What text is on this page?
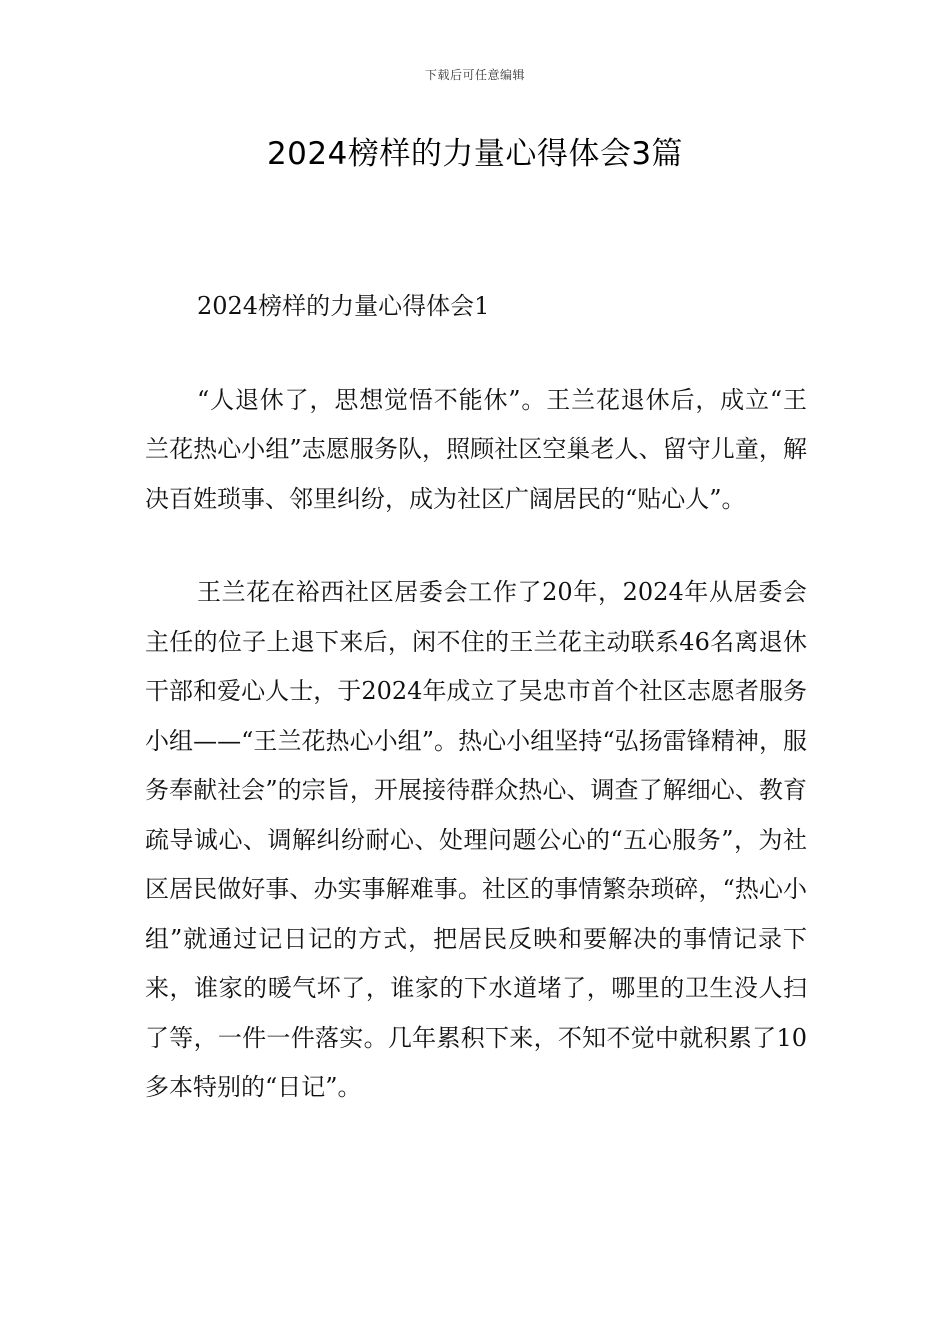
下载后可任意编辑
2024榜样的力量心得体会3篇

2024榜样的力量心得体会1

“人退休了，思想觉悟不能休”。王兰花退休后，成立“王兰花热心小组”志愿服务队，照顾社区空巢老人、留守儿童，解决百姓琐事、邻里纠纷，成为社区广阔居民的“贴心人”。

王兰花在裕西社区居委会工作了20年，2024年从居委会主任的位子上退下来后，闲不住的王兰花主动联系46名离退休干部和爱心人士，于2024年成立了吴忠市首个社区志愿者服务小组——“王兰花热心小组”。热心小组坚持“弘扬雷锋精神，服务奉献社会”的宗旨，开展接待群众热心、调查了解细心、教育疏导诚心、调解纠纷耐心、处理问题公心的“五心服务”，为社区居民做好事、办实事解难事。社区的事情繁杂琐碎，“热心小组”就通过记日记的方式，把居民反映和要解决的事情记录下来，谁家的暖气坏了，谁家的下水道堵了，哪里的卫生没人扫了等，一件一件落实。几年累积下来，不知不觉中就积累了10多本特别的“日记”。
